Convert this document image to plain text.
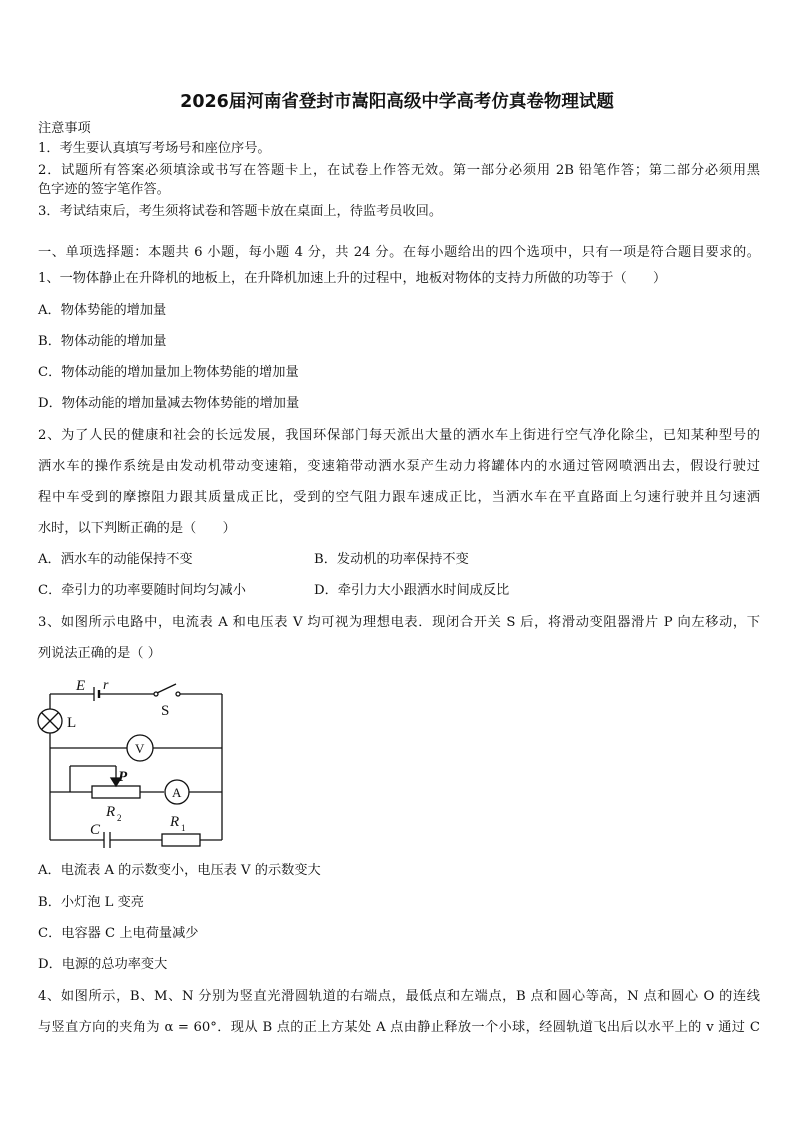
2026届河南省登封市嵩阳高级中学高考仿真卷物理试题
注意事项
1．考生要认真填写考场号和座位序号。
2．试题所有答案必须填涂或书写在答题卡上，在试卷上作答无效。第一部分必须用 2B 铅笔作答；第二部分必须用黑
色字迹的签字笔作答。
3．考试结束后，考生须将试卷和答题卡放在桌面上，待监考员收回。
一、单项选择题：本题共 6 小题，每小题 4 分，共 24 分。在每小题给出的四个选项中，只有一项是符合题目要求的。
1、一物体静止在升降机的地板上，在升降机加速上升的过程中，地板对物体的支持力所做的功等于（　　）
A．物体势能的增加量
B．物体动能的增加量
C．物体动能的增加量加上物体势能的增加量
D．物体动能的增加量减去物体势能的增加量
2、为了人民的健康和社会的长远发展，我国环保部门每天派出大量的洒水车上街进行空气净化除尘，已知某种型号的
洒水车的操作系统是由发动机带动变速箱，变速箱带动洒水泵产生动力将罐体内的水通过管网喷洒出去，假设行驶过
程中车受到的摩擦阻力跟其质量成正比，受到的空气阻力跟车速成正比，当洒水车在平直路面上匀速行驶并且匀速洒
水时，以下判断正确的是（　　）
A．洒水车的动能保持不变	B．发动机的功率保持不变
C．牵引力的功率要随时间均匀减小	D．牵引力大小跟洒水时间成反比
3、如图所示电路中，电流表 A 和电压表 V 均可视为理想电表．现闭合开关 S 后，将滑动变阻器滑片 P 向左移动，下
列说法正确的是（ ）
E r
S
L
V
P
A
R 2
C	R 1
A．电流表 A 的示数变小，电压表 V 的示数变大
B．小灯泡 L 变亮
C．电容器 C 上电荷量减少
D．电源的总功率变大
4、如图所示，B、M、N 分别为竖直光滑圆轨道的右端点，最低点和左端点，B 点和圆心等高，N 点和圆心 O 的连线
与竖直方向的夹角为 α = 60°．现从 B 点的正上方某处 A 点由静止释放一个小球，经圆轨道飞出后以水平上的 v 通过 C
